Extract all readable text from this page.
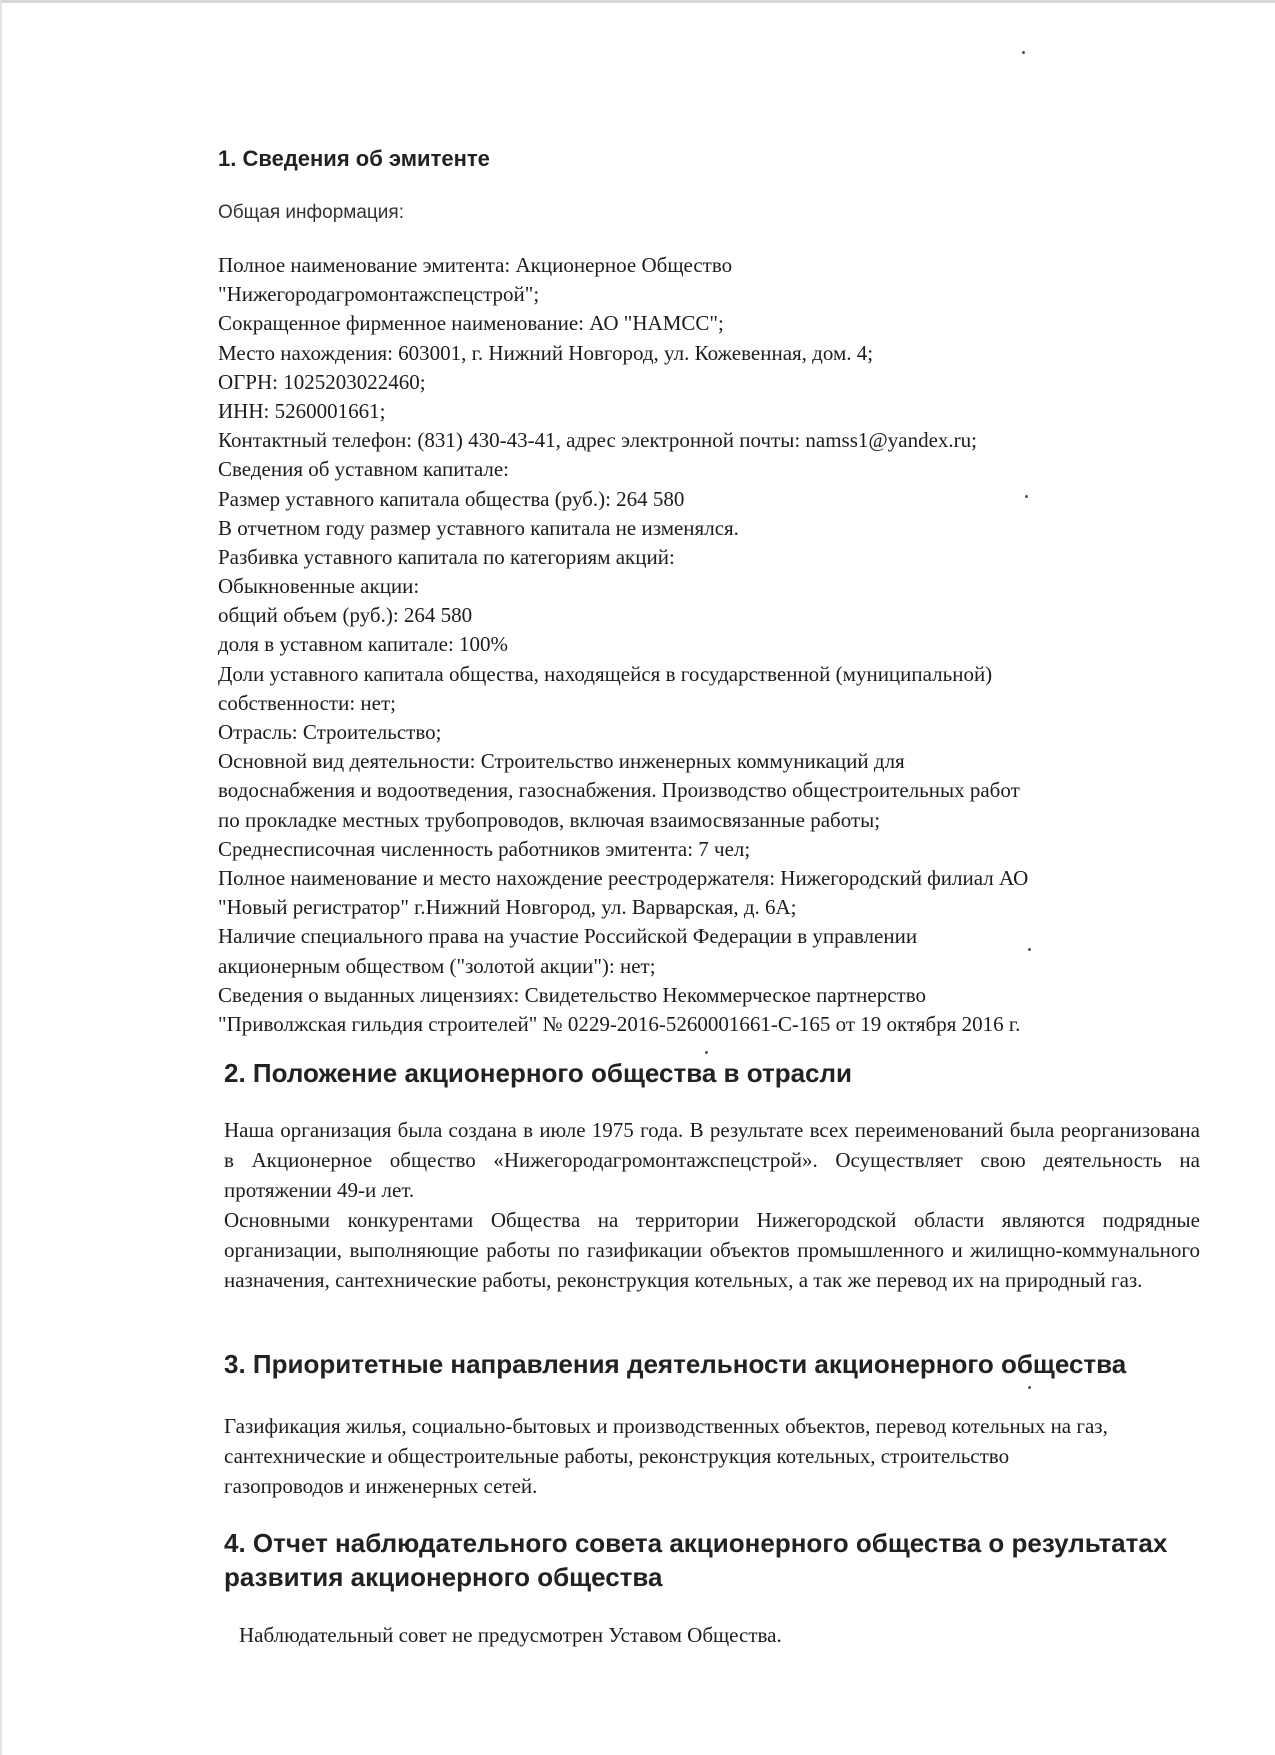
1. Сведения об эмитенте
Общая информация:
Полное наименование эмитента: Акционерное Общество
"Нижегородагромонтажспецстрой";
Сокращенное фирменное наименование: АО "НАМСС";
Место нахождения: 603001, г. Нижний Новгород, ул. Кожевенная, дом. 4;
ОГРН: 1025203022460;
ИНН: 5260001661;
Контактный телефон: (831) 430-43-41, адрес электронной почты: namss1@yandex.ru;
Сведения об уставном капитале:
Размер уставного капитала общества (руб.): 264 580
В отчетном году размер уставного капитала не изменялся.
Разбивка уставного капитала по категориям акций:
Обыкновенные акции:
общий объем (руб.): 264 580
доля в уставном капитале: 100%
Доли уставного капитала общества, находящейся в государственной (муниципальной)
собственности: нет;
Отрасль: Строительство;
Основной вид деятельности: Строительство инженерных коммуникаций для
водоснабжения и водоотведения, газоснабжения. Производство общестроительных работ
по прокладке местных трубопроводов, включая взаимосвязанные работы;
Среднесписочная численность работников эмитента: 7 чел;
Полное наименование и место нахождение реестродержателя: Нижегородский филиал АО
"Новый регистратор" г.Нижний Новгород, ул. Варварская, д. 6А;
Наличие специального права на участие Российской Федерации в управлении
акционерным обществом ("золотой акции"): нет;
Сведения о выданных лицензиях: Свидетельство Некоммерческое партнерство
"Приволжская гильдия строителей" № 0229-2016-5260001661-С-165 от 19 октября 2016 г.
2. Положение акционерного общества в отрасли
Наша организация была создана в июле 1975 года. В результате всех переименований была реорганизована в Акционерное общество «Нижегородагромонтажспецстрой». Осуществляет свою деятельность на протяжении 49-и лет.
Основными конкурентами Общества на территории Нижегородской области являются подрядные организации, выполняющие работы по газификации объектов промышленного и жилищно-коммунального назначения, сантехнические работы, реконструкция котельных, а так же перевод их на природный газ.
3. Приоритетные направления деятельности акционерного общества
Газификация жилья, социально-бытовых и производственных объектов, перевод котельных на газ, сантехнические и общестроительные работы, реконструкция котельных, строительство газопроводов и инженерных сетей.
4. Отчет наблюдательного совета акционерного общества о результатах развития акционерного общества
Наблюдательный совет не предусмотрен Уставом Общества.
